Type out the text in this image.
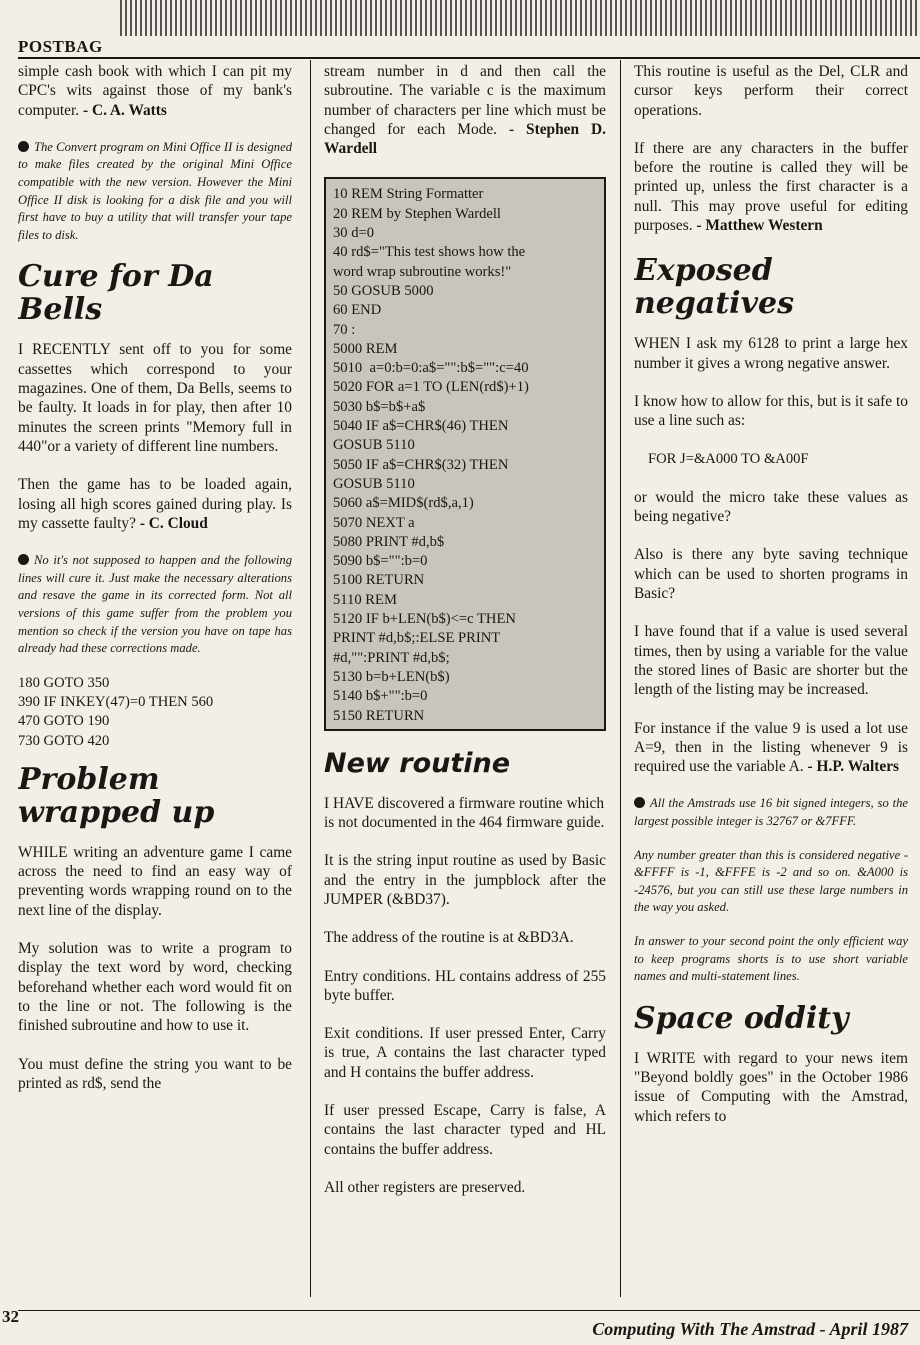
POSTBAG

simple cash book with which I can pit my CPC's wits against those of my bank's computer. - C. A. Watts

The Convert program on Mini Office II is designed to make files created by the original Mini Office compatible with the new version. However the Mini Office II disk is looking for a disk file and you will first have to buy a utility that will transfer your tape files to disk.

Cure for Da Bells

I RECENTLY sent off to you for some cassettes which correspond to your magazines. One of them, Da Bells, seems to be faulty. It loads in for play, then after 10 minutes the screen prints "Memory full in 440"or a variety of different line numbers.

Then the game has to be loaded again, losing all high scores gained during play. Is my cassette faulty? - C. Cloud

No it's not supposed to happen and the following lines will cure it. Just make the necessary alterations and resave the game in its corrected form. Not all versions of this game suffer from the problem you mention so check if the version you have on tape has already had these corrections made.

180 GOTO 350
390 IF INKEY(47)=0 THEN 560
470 GOTO 190
730 GOTO 420
Problem wrapped up

WHILE writing an adventure game I came across the need to find an easy way of preventing words wrapping round on to the next line of the display.

My solution was to write a program to display the text word by word, checking beforehand whether each word would fit on to the line or not. The following is the finished subroutine and how to use it.

You must define the string you want to be printed as rd$, send the

stream number in d and then call the subroutine. The variable c is the maximum number of characters per line which must be changed for each Mode. - Stephen D. Wardell

10 REM String Formatter
20 REM by Stephen Wardell
30 d=0
40 rd$="This test shows how the
word wrap subroutine works!"
50 GOSUB 5000
60 END
70 :
5000 REM
5010  a=0:b=0:a$="":b$="":c=40
5020 FOR a=1 TO (LEN(rd$)+1)
5030 b$=b$+a$
5040 IF a$=CHR$(46) THEN
GOSUB 5110
5050 IF a$=CHR$(32) THEN
GOSUB 5110
5060 a$=MID$(rd$,a,1)
5070 NEXT a
5080 PRINT #d,b$
5090 b$="":b=0
5100 RETURN
5110 REM
5120 IF b+LEN(b$)<=c THEN
PRINT #d,b$;:ELSE PRINT
#d,"":PRINT #d,b$;
5130 b=b+LEN(b$)
5140 b$+"":b=0
5150 RETURN
New routine

I HAVE discovered a firmware routine which is not documented in the 464 firmware guide.

It is the string input routine as used by Basic and the entry in the jumpblock after the JUMPER (&BD37).

The address of the routine is at &BD3A.

Entry conditions. HL contains address of 255 byte buffer.

Exit conditions. If user pressed Enter, Carry is true, A contains the last character typed and H contains the buffer address.

If user pressed Escape, Carry is false, A contains the last character typed and HL contains the buffer address.

All other registers are preserved.

This routine is useful as the Del, CLR and cursor keys perform their correct operations.

If there are any characters in the buffer before the routine is called they will be printed up, unless the first character is a null. This may prove useful for editing purposes. - Matthew Western

Exposed negatives

WHEN I ask my 6128 to print a large hex number it gives a wrong negative answer.

I know how to allow for this, but is it safe to use a line such as:

FOR J=&A000 TO &A00F

or would the micro take these values as being negative?

Also is there any byte saving technique which can be used to shorten programs in Basic?

I have found that if a value is used several times, then by using a variable for the value the stored lines of Basic are shorter but the length of the listing may be increased.

For instance if the value 9 is used a lot use A=9, then in the listing whenever 9 is required use the variable A. - H.P. Walters

All the Amstrads use 16 bit signed integers, so the largest possible integer is 32767 or &7FFF.

Any number greater than this is considered negative - &FFFF is -1, &FFFE is -2 and so on. &A000 is -24576, but you can still use these large numbers in the way you asked.

In answer to your second point the only efficient way to keep programs shorts is to use short variable names and multi-statement lines.

Space oddity

I WRITE with regard to your news item "Beyond boldly goes" in the October 1986 issue of Computing with the Amstrad, which refers to

32
Computing With The Amstrad - April 1987
